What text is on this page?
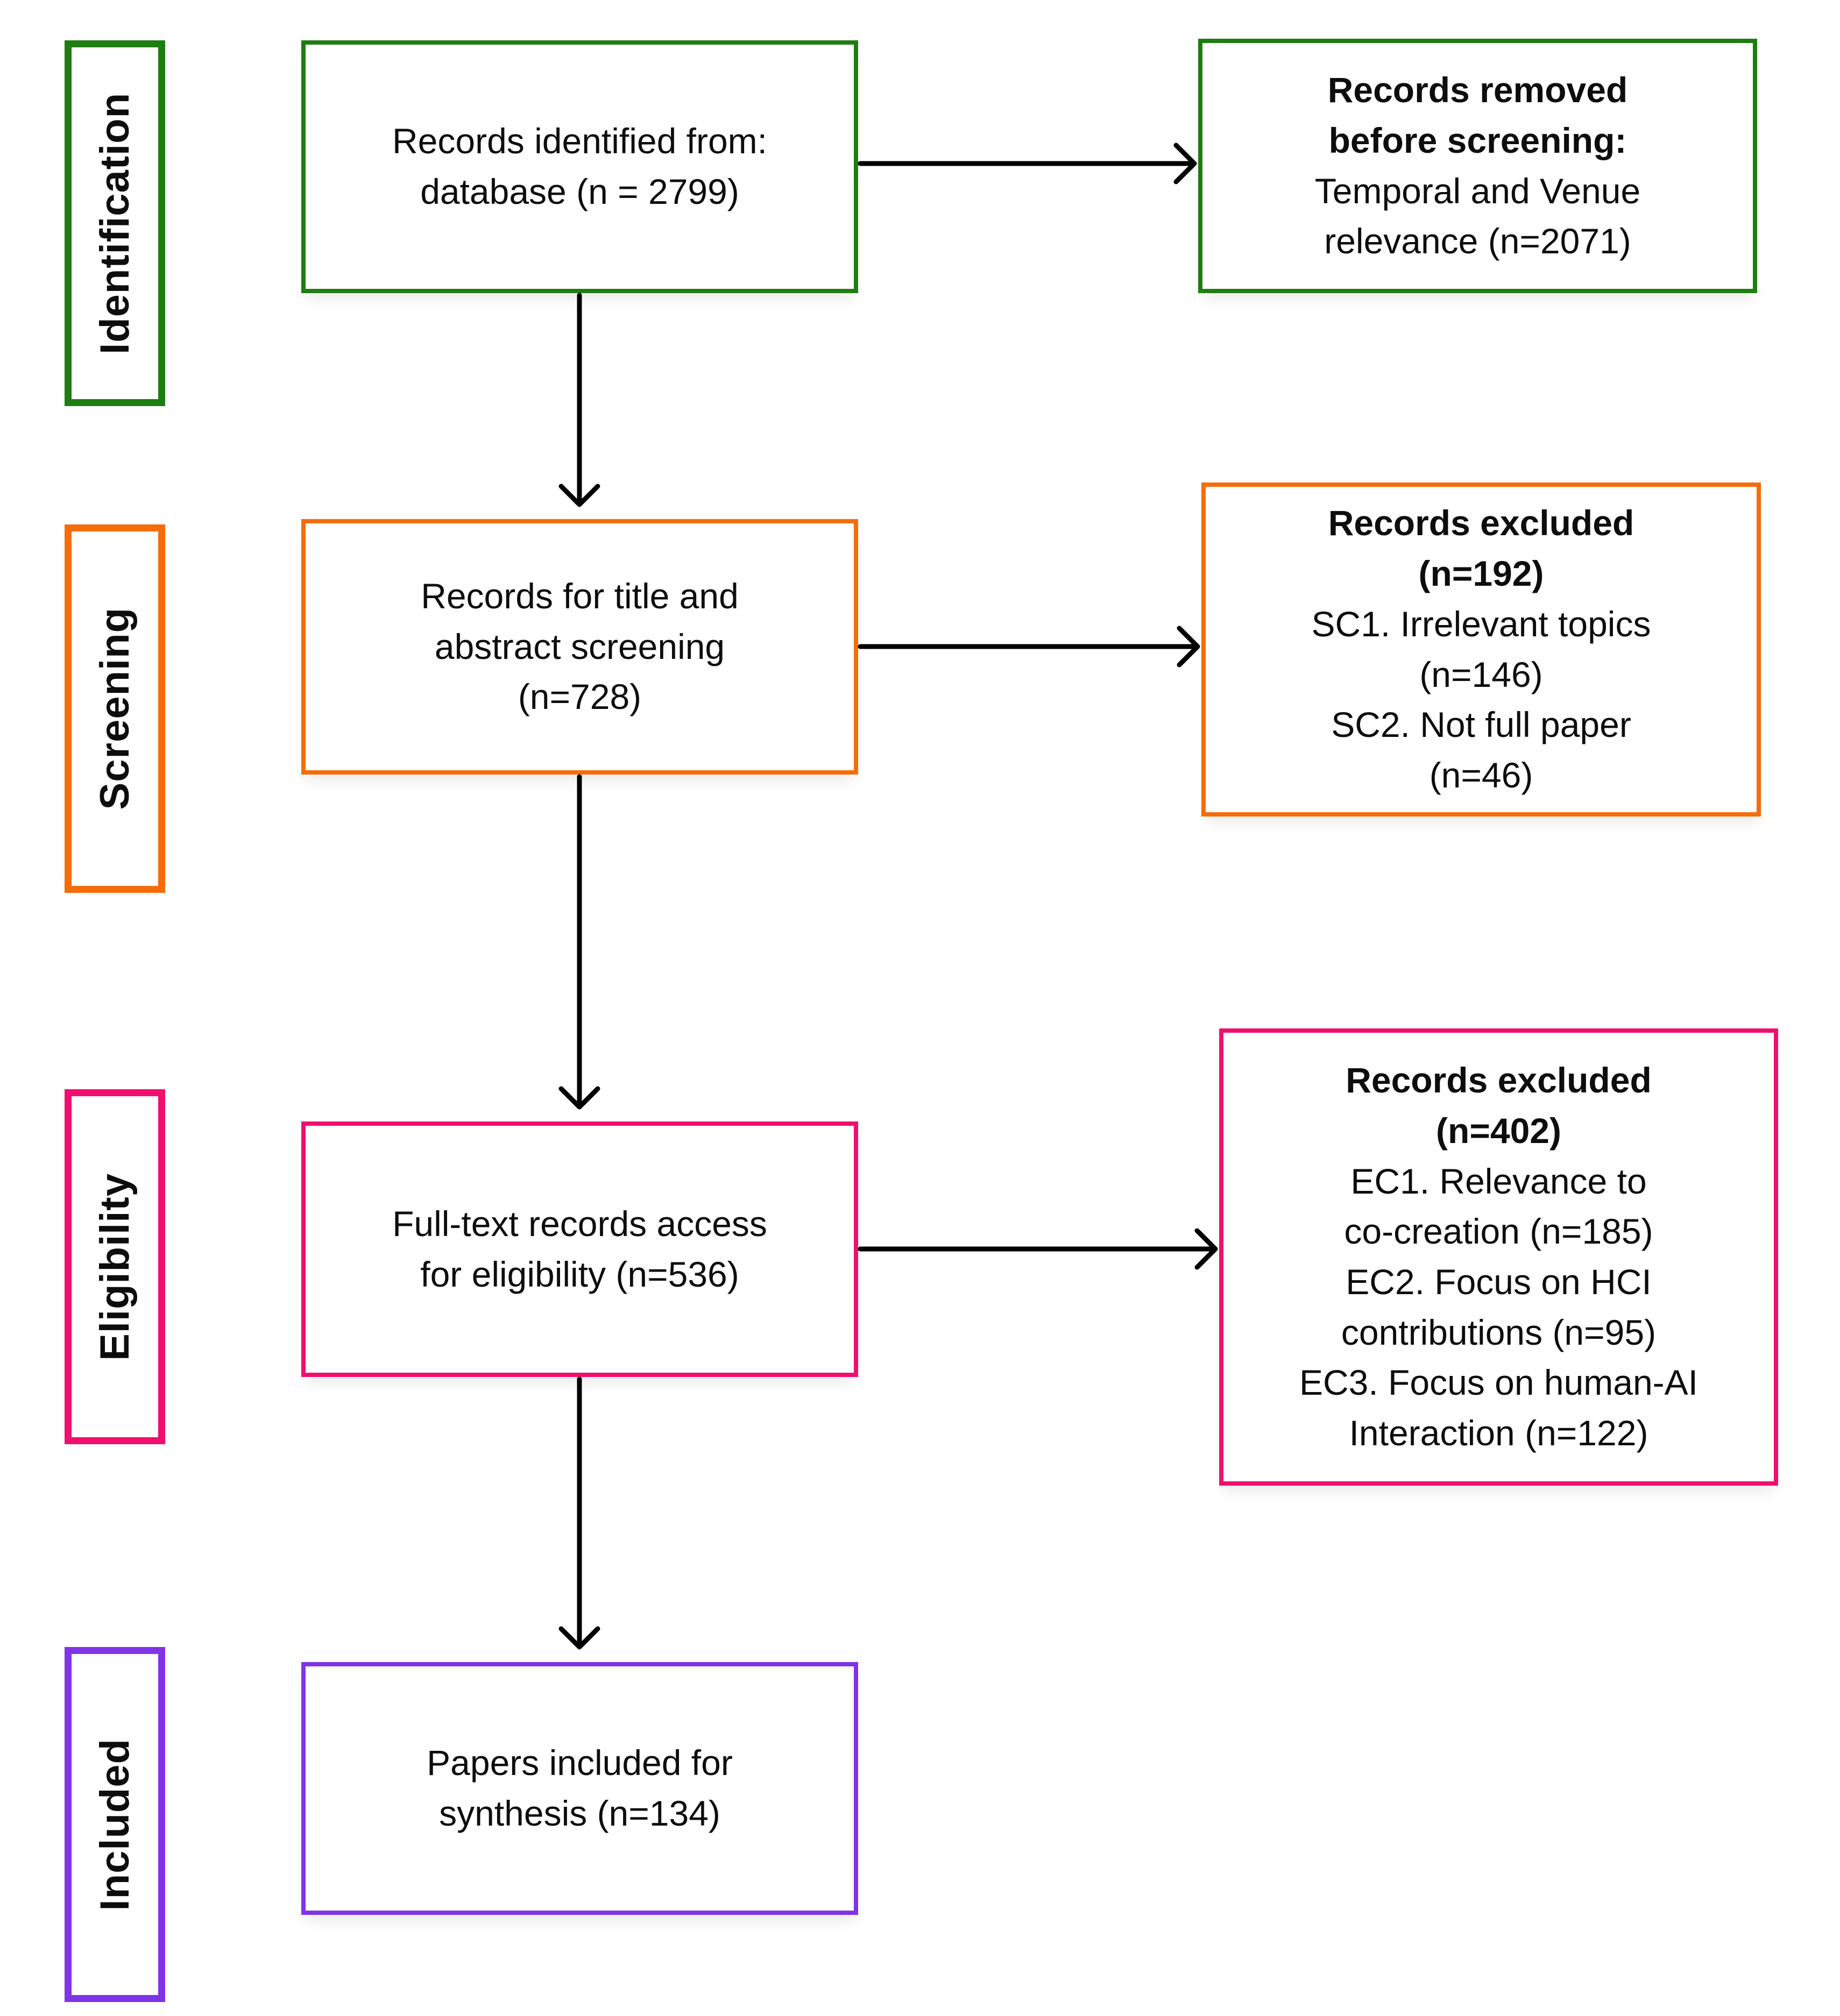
Identification
Screening
Eligibility
Included
Records identified from:
database (n = 2799)
Records for title and
abstract screening
(n=728)
Full-text records access
for eligibility (n=536)
Papers included for
synthesis (n=134)
Records removed
before screening:
Temporal and Venue
relevance (n=2071)
Records excluded
(n=192)
SC1. Irrelevant topics
(n=146)
SC2. Not full paper
(n=46)
Records excluded
(n=402)
EC1. Relevance to
co-creation (n=185)
EC2. Focus on HCI
contributions (n=95)
EC3. Focus on human-AI
Interaction (n=122)
